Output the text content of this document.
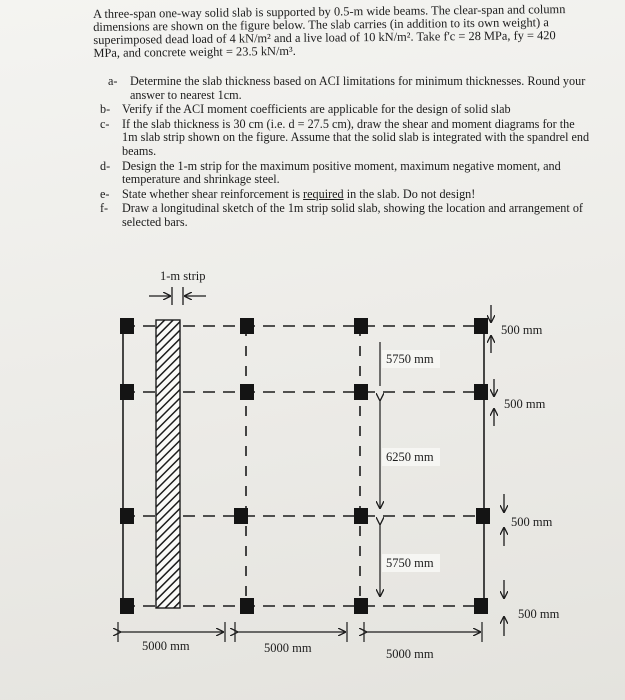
A three-span one-way solid slab is supported by 0.5-m wide beams. The clear-span and column dimensions are shown on the figure below. The slab carries (in addition to its own weight) a superimposed dead load of 4 kN/m² and a live load of 10 kN/m². Take f'c = 28 MPa, fy = 420 MPa, and concrete weight = 23.5 kN/m³.
a- Determine the slab thickness based on ACI limitations for minimum thicknesses. Round your answer to nearest 1cm.
b- Verify if the ACI moment coefficients are applicable for the design of solid slab
c- If the slab thickness is 30 cm (i.e. d = 27.5 cm), draw the shear and moment diagrams for the 1m slab strip shown on the figure. Assume that the solid slab is integrated with the spandrel end beams.
d- Design the 1-m strip for the maximum positive moment, maximum negative moment, and temperature and shrinkage steel.
e- State whether shear reinforcement is required in the slab. Do not design!
f- Draw a longitudinal sketch of the 1m strip solid slab, showing the location and arrangement of selected bars.
1-m strip
5750 mm
6250 mm
5750 mm
500 mm
500 mm
500 mm
500 mm
5000 mm	5000 mm	5000 mm
